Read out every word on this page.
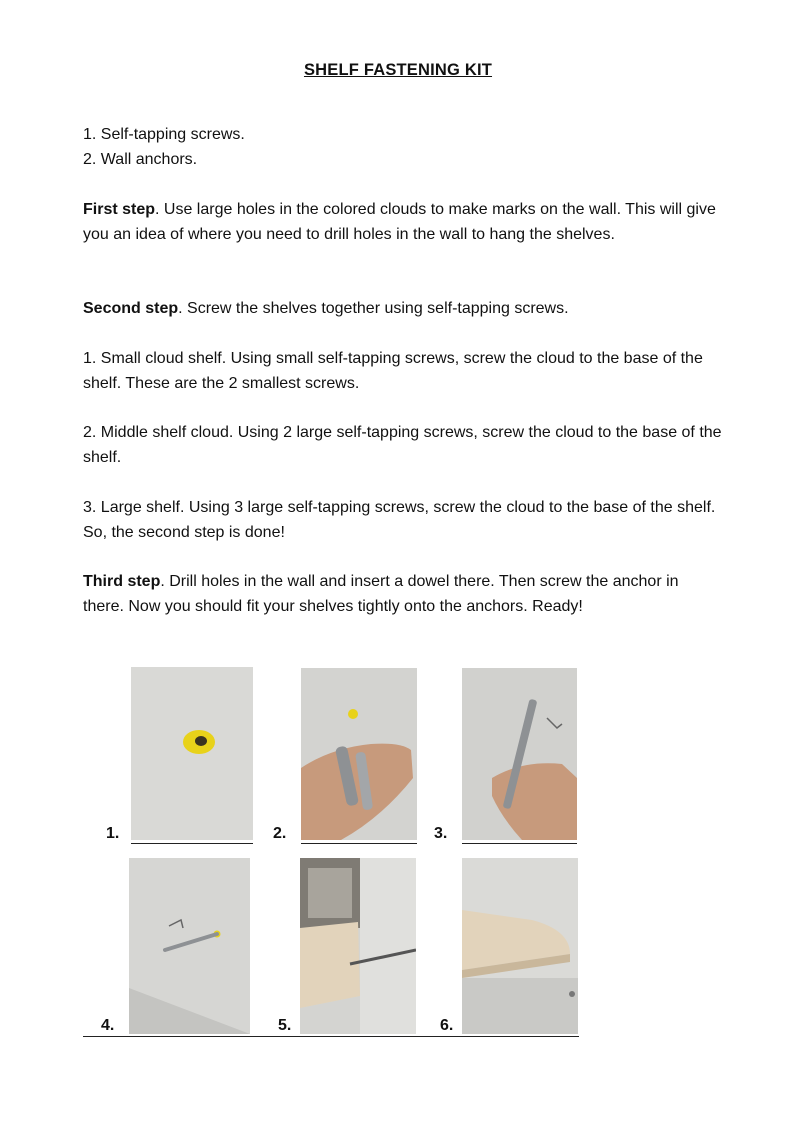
SHELF FASTENING KIT

1. Self-tapping screws.

2. Wall anchors.

First step. Use large holes in the colored clouds to make marks on the wall. This will give you an idea of where you need to drill holes in the wall to hang the shelves.

Second step. Screw the shelves together using self-tapping screws.

1. Small cloud shelf. Using small self-tapping screws, screw the cloud to the base of the shelf. These are the 2 smallest screws.

2. Middle shelf cloud. Using 2 large self-tapping screws, screw the cloud to the base of the shelf.

3. Large shelf. Using 3 large self-tapping screws, screw the cloud to the base of the shelf. So, the second step is done!

Third step. Drill holes in the wall and insert a dowel there. Then screw the anchor in there. Now you should fit your shelves tightly onto the anchors. Ready!

1.	2.	3.
4.	5.	6.
